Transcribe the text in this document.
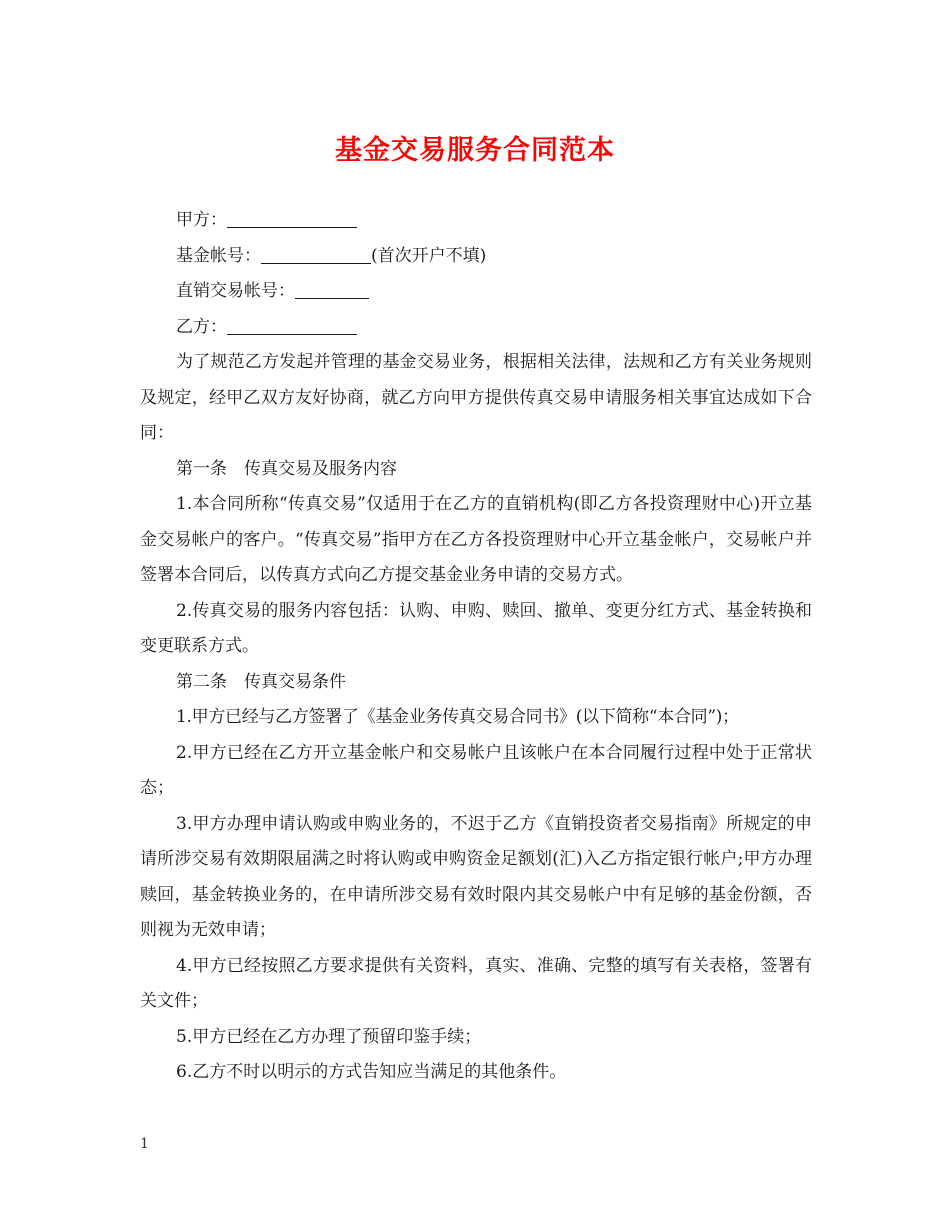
基金交易服务合同范本

甲方：

基金帐号：	(首次开户不填)

直销交易帐号：

乙方：

为了规范乙方发起并管理的基金交易业务，根据相关法律，法规和乙方有关业务规则及规定，经甲乙双方友好协商，就乙方向甲方提供传真交易申请服务相关事宜达成如下合同：

第一条　传真交易及服务内容

1.本合同所称“传真交易”仅适用于在乙方的直销机构(即乙方各投资理财中心)开立基金交易帐户的客户。“传真交易”指甲方在乙方各投资理财中心开立基金帐户，交易帐户并签署本合同后，以传真方式向乙方提交基金业务申请的交易方式。

2.传真交易的服务内容包括：认购、申购、赎回、撤单、变更分红方式、基金转换和变更联系方式。

第二条　传真交易条件

1.甲方已经与乙方签署了《基金业务传真交易合同书》(以下简称“本合同”)；

2.甲方已经在乙方开立基金帐户和交易帐户且该帐户在本合同履行过程中处于正常状态；

3.甲方办理申请认购或申购业务的，不迟于乙方《直销投资者交易指南》所规定的申请所涉交易有效期限届满之时将认购或申购资金足额划(汇)入乙方指定银行帐户;甲方办理赎回，基金转换业务的，在申请所涉交易有效时限内其交易帐户中有足够的基金份额，否则视为无效申请；

4.甲方已经按照乙方要求提供有关资料，真实、准确、完整的填写有关表格，签署有关文件；

5.甲方已经在乙方办理了预留印鉴手续；

6.乙方不时以明示的方式告知应当满足的其他条件。

1
